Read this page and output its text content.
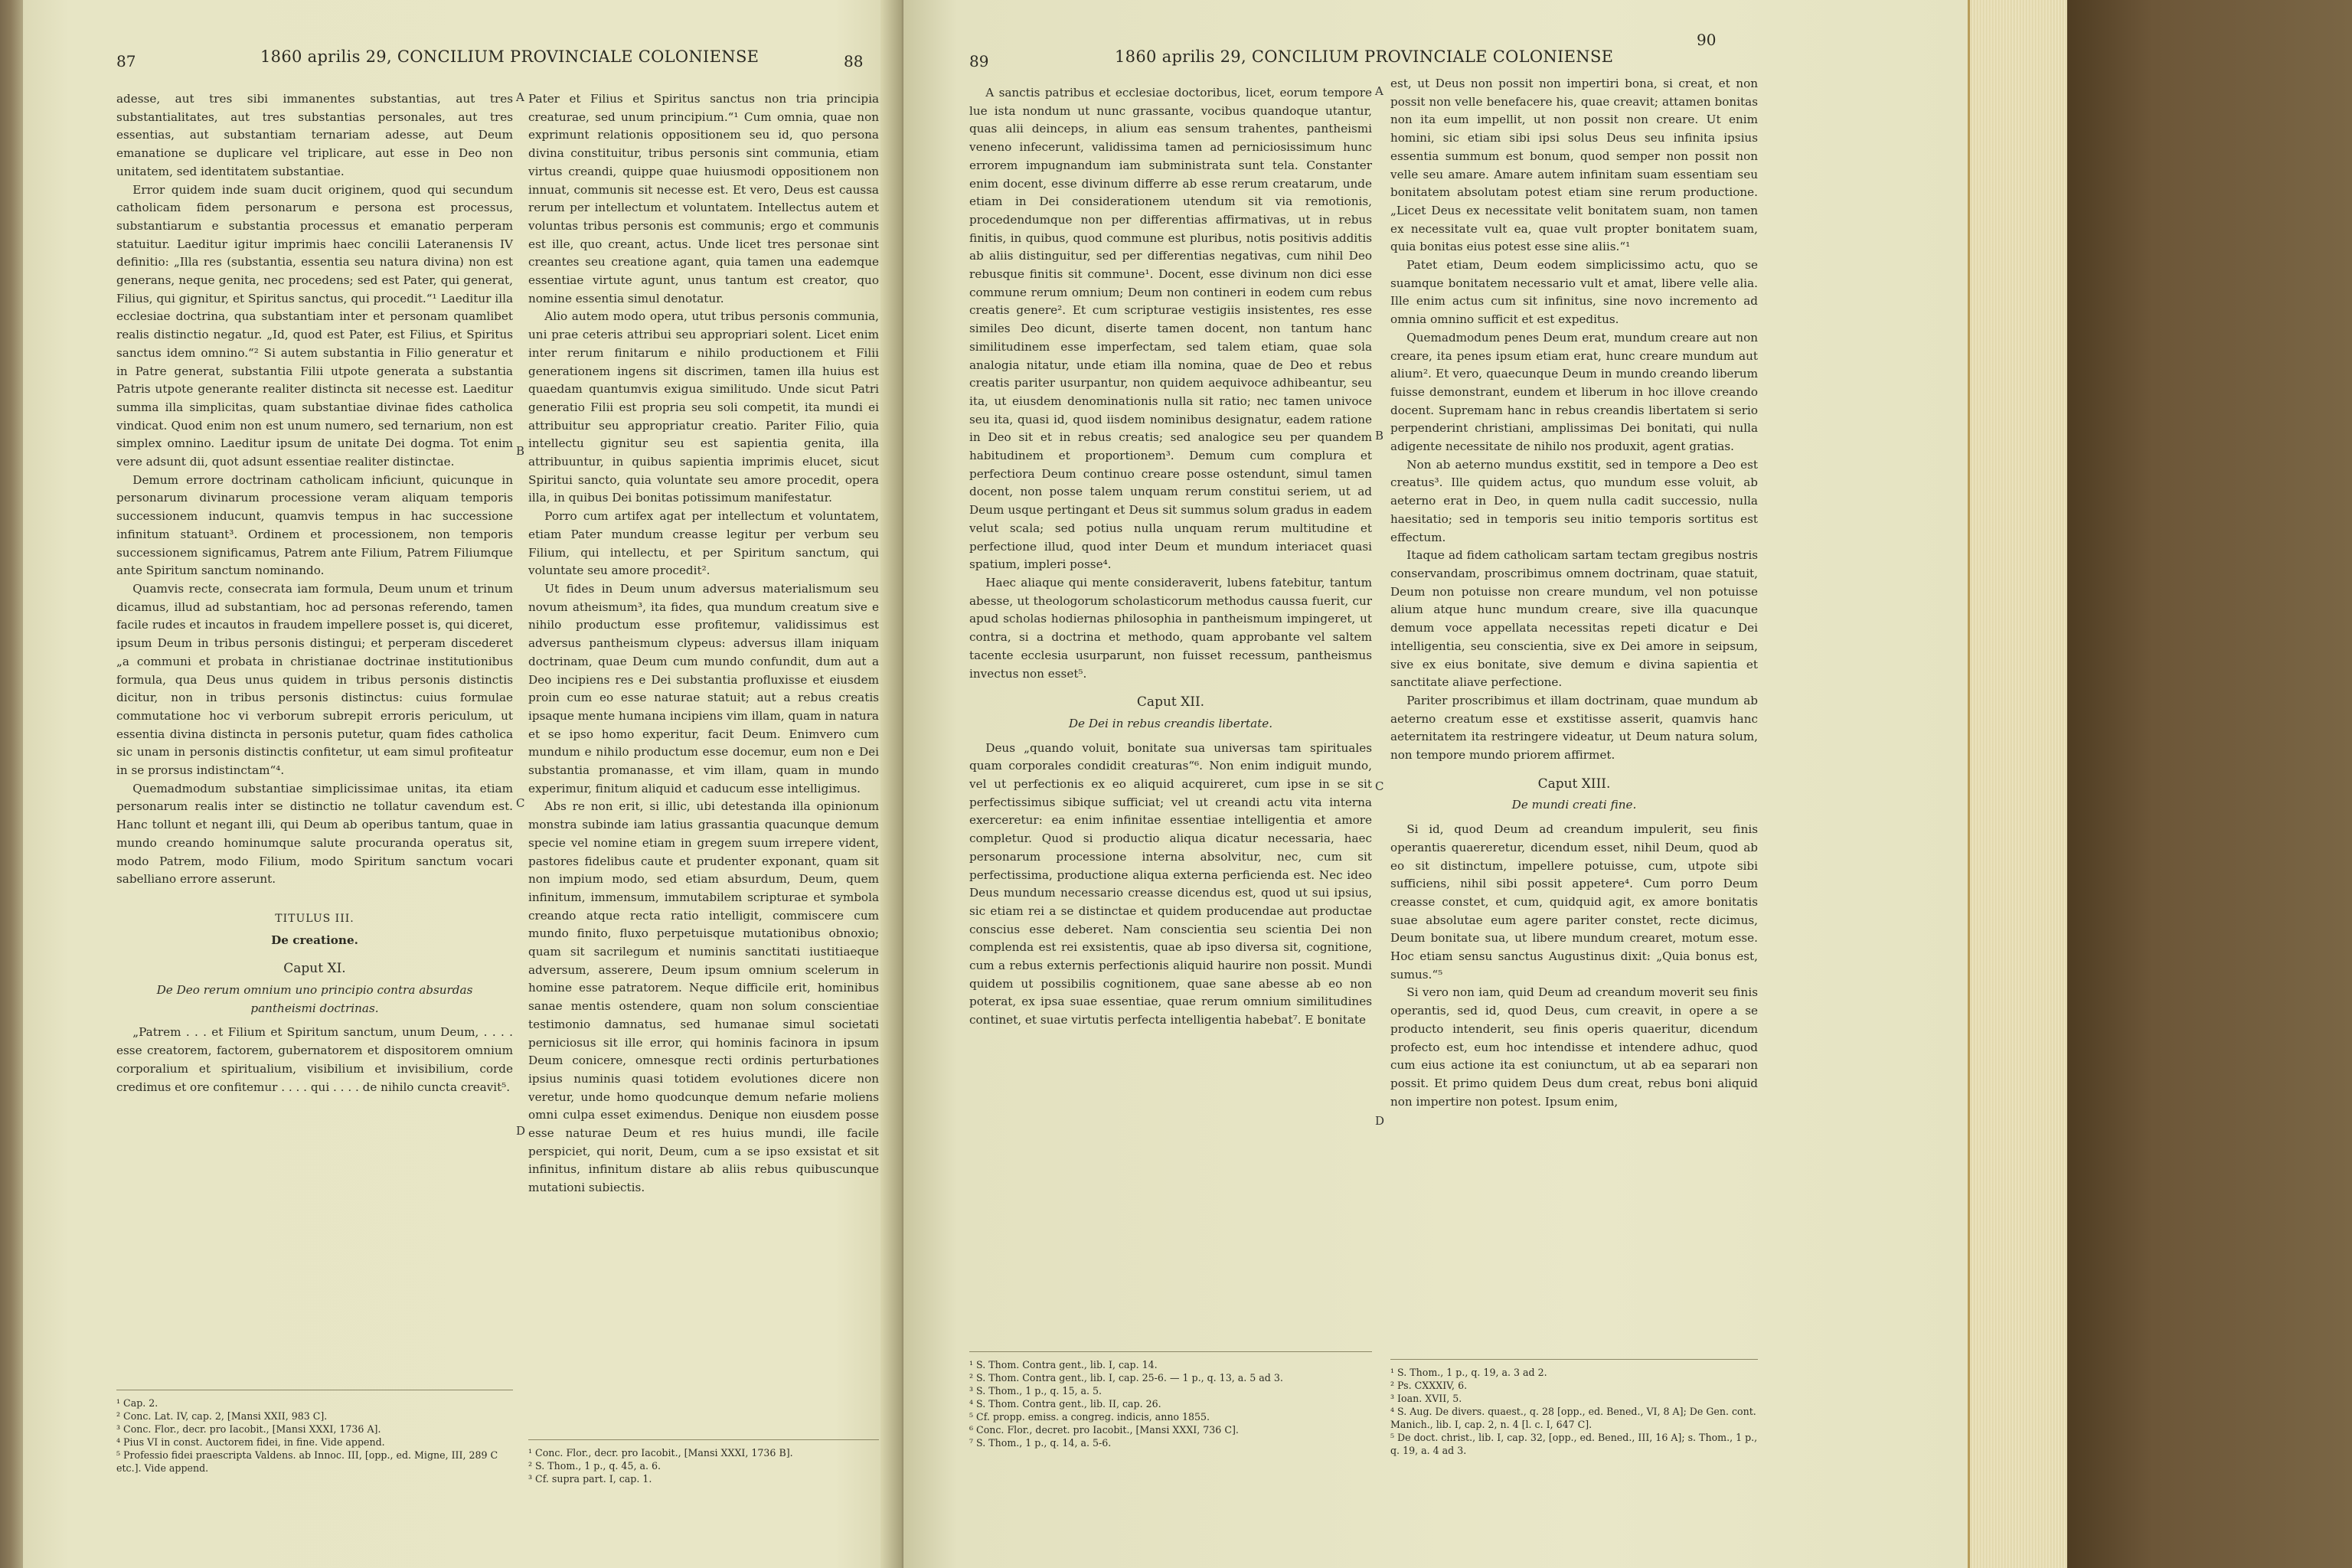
87	1860 aprilis 29, CONCILIUM PROVINCIALE COLONIENSE	88

adesse, aut tres sibi immanentes substantias, aut tres substantialitates, aut tres substantias personales, aut tres essentias, aut substantiam ternariam adesse, aut Deum emanatione se duplicare vel triplicare, aut esse in Deo non unitatem, sed identitatem substantiae.

Error quidem inde suam ducit originem, quod qui secundum catholicam fidem personarum e persona est processus, substantiarum e substantia processus et emanatio perperam statuitur. Laeditur igitur imprimis haec concilii Lateranensis IV definitio: „Illa res (substantia, essentia seu natura divina) non est generans, neque genita, nec procedens; sed est Pater, qui generat, Filius, qui gignitur, et Spiritus sanctus, qui procedit.“¹ Laeditur illa ecclesiae doctrina, qua substantiam inter et personam quamlibet realis distinctio negatur. „Id, quod est Pater, est Filius, et Spiritus sanctus idem omnino.“² Si autem substantia in Filio generatur et in Patre generat, substantia Filii utpote generata a substantia Patris utpote generante realiter distincta sit necesse est. Laeditur summa illa simplicitas, quam substantiae divinae fides catholica vindicat. Quod enim non est unum numero, sed ternarium, non est simplex omnino. Laeditur ipsum de unitate Dei dogma. Tot enim vere adsunt dii, quot adsunt essentiae realiter distinctae.

Demum errore doctrinam catholicam inficiunt, quicunque in personarum divinarum processione veram aliquam temporis successionem inducunt, quamvis tempus in hac successione infinitum statuant³. Ordinem et processionem, non temporis successionem significamus, Patrem ante Filium, Patrem Filiumque ante Spiritum sanctum nominando.

Quamvis recte, consecrata iam formula, Deum unum et trinum dicamus, illud ad substantiam, hoc ad personas referendo, tamen facile rudes et incautos in fraudem impellere posset is, qui diceret, ipsum Deum in tribus personis distingui; et perperam discederet „a communi et probata in christianae doctrinae institutionibus formula, qua Deus unus quidem in tribus personis distinctis dicitur, non in tribus personis distinctus: cuius formulae commutatione hoc vi verborum subrepit erroris periculum, ut essentia divina distincta in personis putetur, quam fides catholica sic unam in personis distinctis confitetur, ut eam simul profiteatur in se prorsus indistinctam“⁴.

Quemadmodum substantiae simplicissimae unitas, ita etiam personarum realis inter se distinctio ne tollatur cavendum est. Hanc tollunt et negant illi, qui Deum ab operibus tantum, quae in mundo creando hominumque salute procuranda operatus sit, modo Patrem, modo Filium, modo Spiritum sanctum vocari sabelliano errore asserunt.

TITULUS III.
De creatione.
Caput XI.
De Deo rerum omnium uno principio contra absurdas pantheismi doctrinas.

„Patrem . . . et Filium et Spiritum sanctum, unum Deum, . . . . esse creatorem, factorem, gubernatorem et dispositorem omnium corporalium et spiritualium, visibilium et invisibilium, corde credimus et ore confitemur . . . . qui . . . . de nihilo cuncta creavit⁵.

¹ Cap. 2.
² Conc. Lat. IV, cap. 2, [Mansi XXII, 983 C].
³ Conc. Flor., decr. pro Iacobit., [Mansi XXXI, 1736 A].
⁴ Pius VI in const. Auctorem fidei, in fine. Vide append.
⁵ Professio fidei praescripta Valdens. ab Innoc. III, [opp., ed. Migne, III, 289 C etc.]. Vide append.
A
B
C
D

Pater et Filius et Spiritus sanctus non tria principia creaturae, sed unum principium.“¹ Cum omnia, quae non exprimunt relationis oppositionem seu id, quo persona divina constituitur, tribus personis sint communia, etiam virtus creandi, quippe quae huiusmodi oppositionem non innuat, communis sit necesse est. Et vero, Deus est caussa rerum per intellectum et voluntatem. Intellectus autem et voluntas tribus personis est communis; ergo et communis est ille, quo creant, actus. Unde licet tres personae sint creantes seu creatione agant, quia tamen una eademque essentiae virtute agunt, unus tantum est creator, quo nomine essentia simul denotatur.

Alio autem modo opera, utut tribus personis communia, uni prae ceteris attribui seu appropriari solent. Licet enim inter rerum finitarum e nihilo productionem et Filii generationem ingens sit discrimen, tamen illa huius est quaedam quantumvis exigua similitudo. Unde sicut Patri generatio Filii est propria seu soli competit, ita mundi ei attribuitur seu appropriatur creatio. Pariter Filio, quia intellectu gignitur seu est sapientia genita, illa attribuuntur, in quibus sapientia imprimis elucet, sicut Spiritui sancto, quia voluntate seu amore procedit, opera illa, in quibus Dei bonitas potissimum manifestatur.

Porro cum artifex agat per intellectum et voluntatem, etiam Pater mundum creasse legitur per verbum seu Filium, qui intellectu, et per Spiritum sanctum, qui voluntate seu amore procedit².

Ut fides in Deum unum adversus materialismum seu novum atheismum³, ita fides, qua mundum creatum sive e nihilo productum esse profitemur, validissimus est adversus pantheismum clypeus: adversus illam iniquam doctrinam, quae Deum cum mundo confundit, dum aut a Deo incipiens res e Dei substantia profluxisse et eiusdem proin cum eo esse naturae statuit; aut a rebus creatis ipsaque mente humana incipiens vim illam, quam in natura et se ipso homo experitur, facit Deum. Enimvero cum mundum e nihilo productum esse docemur, eum non e Dei substantia promanasse, et vim illam, quam in mundo experimur, finitum aliquid et caducum esse intelligimus.

Abs re non erit, si illic, ubi detestanda illa opinionum monstra subinde iam latius grassantia quacunque demum specie vel nomine etiam in gregem suum irrepere vident, pastores fidelibus caute et prudenter exponant, quam sit non impium modo, sed etiam absurdum, Deum, quem infinitum, immensum, immutabilem scripturae et symbola creando atque recta ratio intelligit, commiscere cum mundo finito, fluxo perpetuisque mutationibus obnoxio; quam sit sacrilegum et numinis sanctitati iustitiaeque adversum, asserere, Deum ipsum omnium scelerum in homine esse patratorem. Neque difficile erit, hominibus sanae mentis ostendere, quam non solum conscientiae testimonio damnatus, sed humanae simul societati perniciosus sit ille error, qui hominis facinora in ipsum Deum conicere, omnesque recti ordinis perturbationes ipsius numinis quasi totidem evolutiones dicere non veretur, unde homo quodcunque demum nefarie moliens omni culpa esset eximendus. Denique non eiusdem posse esse naturae Deum et res huius mundi, ille facile perspiciet, qui norit, Deum, cum a se ipso exsistat et sit infinitus, infinitum distare ab aliis rebus quibuscunque mutationi subiectis.

¹ Conc. Flor., decr. pro Iacobit., [Mansi XXXI, 1736 B].
² S. Thom., 1 p., q. 45, a. 6.
³ Cf. supra part. I, cap. 1.
89	1860 aprilis 29, CONCILIUM PROVINCIALE COLONIENSE
90

A sanctis patribus et ecclesiae doctoribus, licet, eorum tempore lue ista nondum ut nunc grassante, vocibus quandoque utantur, quas alii deinceps, in alium eas sensum trahentes, pantheismi veneno infecerunt, validissima tamen ad perniciosissimum hunc errorem impugnandum iam subministrata sunt tela. Constanter enim docent, esse divinum differre ab esse rerum creatarum, unde etiam in Dei considerationem utendum sit via remotionis, procedendumque non per differentias affirmativas, ut in rebus finitis, in quibus, quod commune est pluribus, notis positivis additis ab aliis distinguitur, sed per differentias negativas, cum nihil Deo rebusque finitis sit commune¹. Docent, esse divinum non dici esse commune rerum omnium; Deum non contineri in eodem cum rebus creatis genere². Et cum scripturae vestigiis insistentes, res esse similes Deo dicunt, diserte tamen docent, non tantum hanc similitudinem esse imperfectam, sed talem etiam, quae sola analogia nitatur, unde etiam illa nomina, quae de Deo et rebus creatis pariter usurpantur, non quidem aequivoce adhibeantur, seu ita, ut eiusdem denominationis nulla sit ratio; nec tamen univoce seu ita, quasi id, quod iisdem nominibus designatur, eadem ratione in Deo sit et in rebus creatis; sed analogice seu per quandem habitudinem et proportionem³. Demum cum complura et perfectiora Deum continuo creare posse ostendunt, simul tamen docent, non posse talem unquam rerum constitui seriem, ut ad Deum usque pertingant et Deus sit summus solum gradus in eadem velut scala; sed potius nulla unquam rerum multitudine et perfectione illud, quod inter Deum et mundum interiacet quasi spatium, impleri posse⁴.

Haec aliaque qui mente consideraverit, lubens fatebitur, tantum abesse, ut theologorum scholasticorum methodus caussa fuerit, cur apud scholas hodiernas philosophia in pantheismum impingeret, ut contra, si a doctrina et methodo, quam approbante vel saltem tacente ecclesia usurparunt, non fuisset recessum, pantheismus invectus non esset⁵.

Caput XII.
De Dei in rebus creandis libertate.

Deus „quando voluit, bonitate sua universas tam spirituales quam corporales condidit creaturas“⁶. Non enim indiguit mundo, vel ut perfectionis ex eo aliquid acquireret, cum ipse in se sit perfectissimus sibique sufficiat; vel ut creandi actu vita interna exerceretur: ea enim infinitae essentiae intelligentia et amore completur. Quod si productio aliqua dicatur necessaria, haec personarum processione interna absolvitur, nec, cum sit perfectissima, productione aliqua externa perficienda est. Nec ideo Deus mundum necessario creasse dicendus est, quod ut sui ipsius, sic etiam rei a se distinctae et quidem producendae aut productae conscius esse deberet. Nam conscientia seu scientia Dei non complenda est rei exsistentis, quae ab ipso diversa sit, cognitione, cum a rebus externis perfectionis aliquid haurire non possit. Mundi quidem ut possibilis cognitionem, quae sane abesse ab eo non poterat, ex ipsa suae essentiae, quae rerum omnium similitudines continet, et suae virtutis perfecta intelligentia habebat⁷. E bonitate

¹ S. Thom. Contra gent., lib. I, cap. 14.
² S. Thom. Contra gent., lib. I, cap. 25-6. — 1 p., q. 13, a. 5 ad 3.
³ S. Thom., 1 p., q. 15, a. 5.
⁴ S. Thom. Contra gent., lib. II, cap. 26.
⁵ Cf. propp. emiss. a congreg. indicis, anno 1855.
⁶ Conc. Flor., decret. pro Iacobit., [Mansi XXXI, 736 C].
⁷ S. Thom., 1 p., q. 14, a. 5-6.
A
B
C
D

est, ut Deus non possit non impertiri bona, si creat, et non possit non velle benefacere his, quae creavit; attamen bonitas non ita eum impellit, ut non possit non creare. Ut enim homini, sic etiam sibi ipsi solus Deus seu infinita ipsius essentia summum est bonum, quod semper non possit non velle seu amare. Amare autem infinitam suam essentiam seu bonitatem absolutam potest etiam sine rerum productione. „Licet Deus ex necessitate velit bonitatem suam, non tamen ex necessitate vult ea, quae vult propter bonitatem suam, quia bonitas eius potest esse sine aliis.“¹

Patet etiam, Deum eodem simplicissimo actu, quo se suamque bonitatem necessario vult et amat, libere velle alia. Ille enim actus cum sit infinitus, sine novo incremento ad omnia omnino sufficit et est expeditus.

Quemadmodum penes Deum erat, mundum creare aut non creare, ita penes ipsum etiam erat, hunc creare mundum aut alium². Et vero, quaecunque Deum in mundo creando liberum fuisse demonstrant, eundem et liberum in hoc illove creando docent. Supremam hanc in rebus creandis libertatem si serio perpenderint christiani, amplissimas Dei bonitati, qui nulla adigente necessitate de nihilo nos produxit, agent gratias.

Non ab aeterno mundus exstitit, sed in tempore a Deo est creatus³. Ille quidem actus, quo mundum esse voluit, ab aeterno erat in Deo, in quem nulla cadit successio, nulla haesitatio; sed in temporis seu initio temporis sortitus est effectum.

Itaque ad fidem catholicam sartam tectam gregibus nostris conservandam, proscribimus omnem doctrinam, quae statuit, Deum non potuisse non creare mundum, vel non potuisse alium atque hunc mundum creare, sive illa quacunque demum voce appellata necessitas repeti dicatur e Dei intelligentia, seu conscientia, sive ex Dei amore in seipsum, sive ex eius bonitate, sive demum e divina sapientia et sanctitate aliave perfectione.

Pariter proscribimus et illam doctrinam, quae mundum ab aeterno creatum esse et exstitisse asserit, quamvis hanc aeternitatem ita restringere videatur, ut Deum natura solum, non tempore mundo priorem affirmet.

Caput XIII.
De mundi creati fine.

Si id, quod Deum ad creandum impulerit, seu finis operantis quaereretur, dicendum esset, nihil Deum, quod ab eo sit distinctum, impellere potuisse, cum, utpote sibi sufficiens, nihil sibi possit appetere⁴. Cum porro Deum creasse constet, et cum, quidquid agit, ex amore bonitatis suae absolutae eum agere pariter constet, recte dicimus, Deum bonitate sua, ut libere mundum crearet, motum esse. Hoc etiam sensu sanctus Augustinus dixit: „Quia bonus est, sumus.“⁵

Si vero non iam, quid Deum ad creandum moverit seu finis operantis, sed id, quod Deus, cum creavit, in opere a se producto intenderit, seu finis operis quaeritur, dicendum profecto est, eum hoc intendisse et intendere adhuc, quod cum eius actione ita est coniunctum, ut ab ea separari non possit. Et primo quidem Deus dum creat, rebus boni aliquid non impertire non potest. Ipsum enim,

¹ S. Thom., 1 p., q. 19, a. 3 ad 2.
² Ps. CXXXIV, 6.
³ Ioan. XVII, 5.
⁴ S. Aug. De divers. quaest., q. 28 [opp., ed. Bened., VI, 8 A]; De Gen. cont. Manich., lib. I, cap. 2, n. 4 [l. c. I, 647 C].
⁵ De doct. christ., lib. I, cap. 32, [opp., ed. Bened., III, 16 A]; s. Thom., 1 p., q. 19, a. 4 ad 3.
